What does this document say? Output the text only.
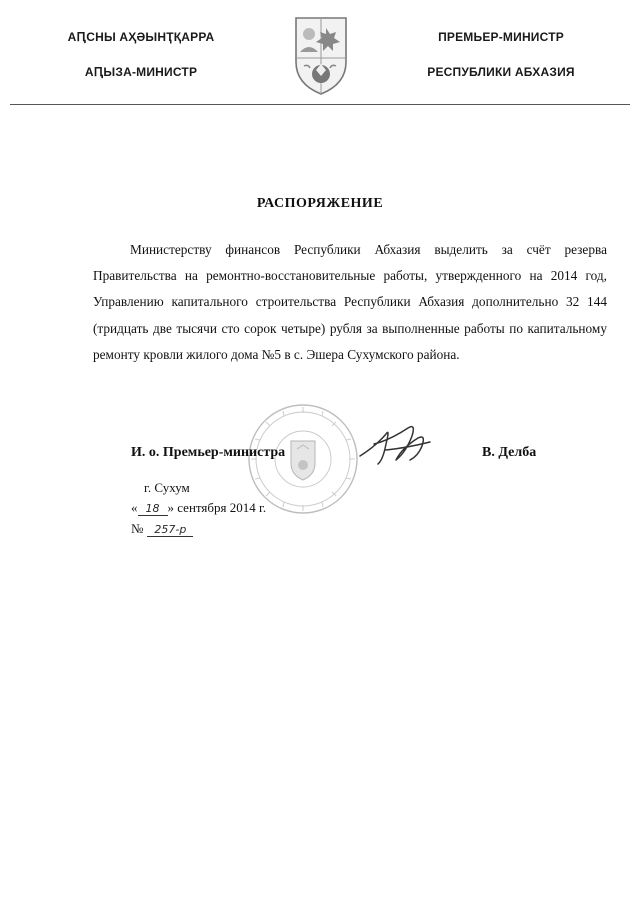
АԤСНЫ АҲӘЫНҬҚАРРА
АԤЫЗА-МИНИСТР
ПРЕМЬЕР-МИНИСТР
РЕСПУБЛИКИ АБХАЗИЯ
РАСПОРЯЖЕНИЕ

Министерству финансов Республики Абхазия выделить за счёт резерва Правительства на ремонтно-восстановительные работы, утвержденного на 2014 год, Управлению капитального строительства Республики Абхазия дополнительно 32 144 (тридцать две тысячи сто сорок четыре) рубля за выполненные работы по капитальному ремонту кровли жилого дома №5 в с. Эшера Сухумского района.

И. о. Премьер-министра	В. Делба
г. Сухум
« 18 » сентября 2014 г.
№ 257-р
